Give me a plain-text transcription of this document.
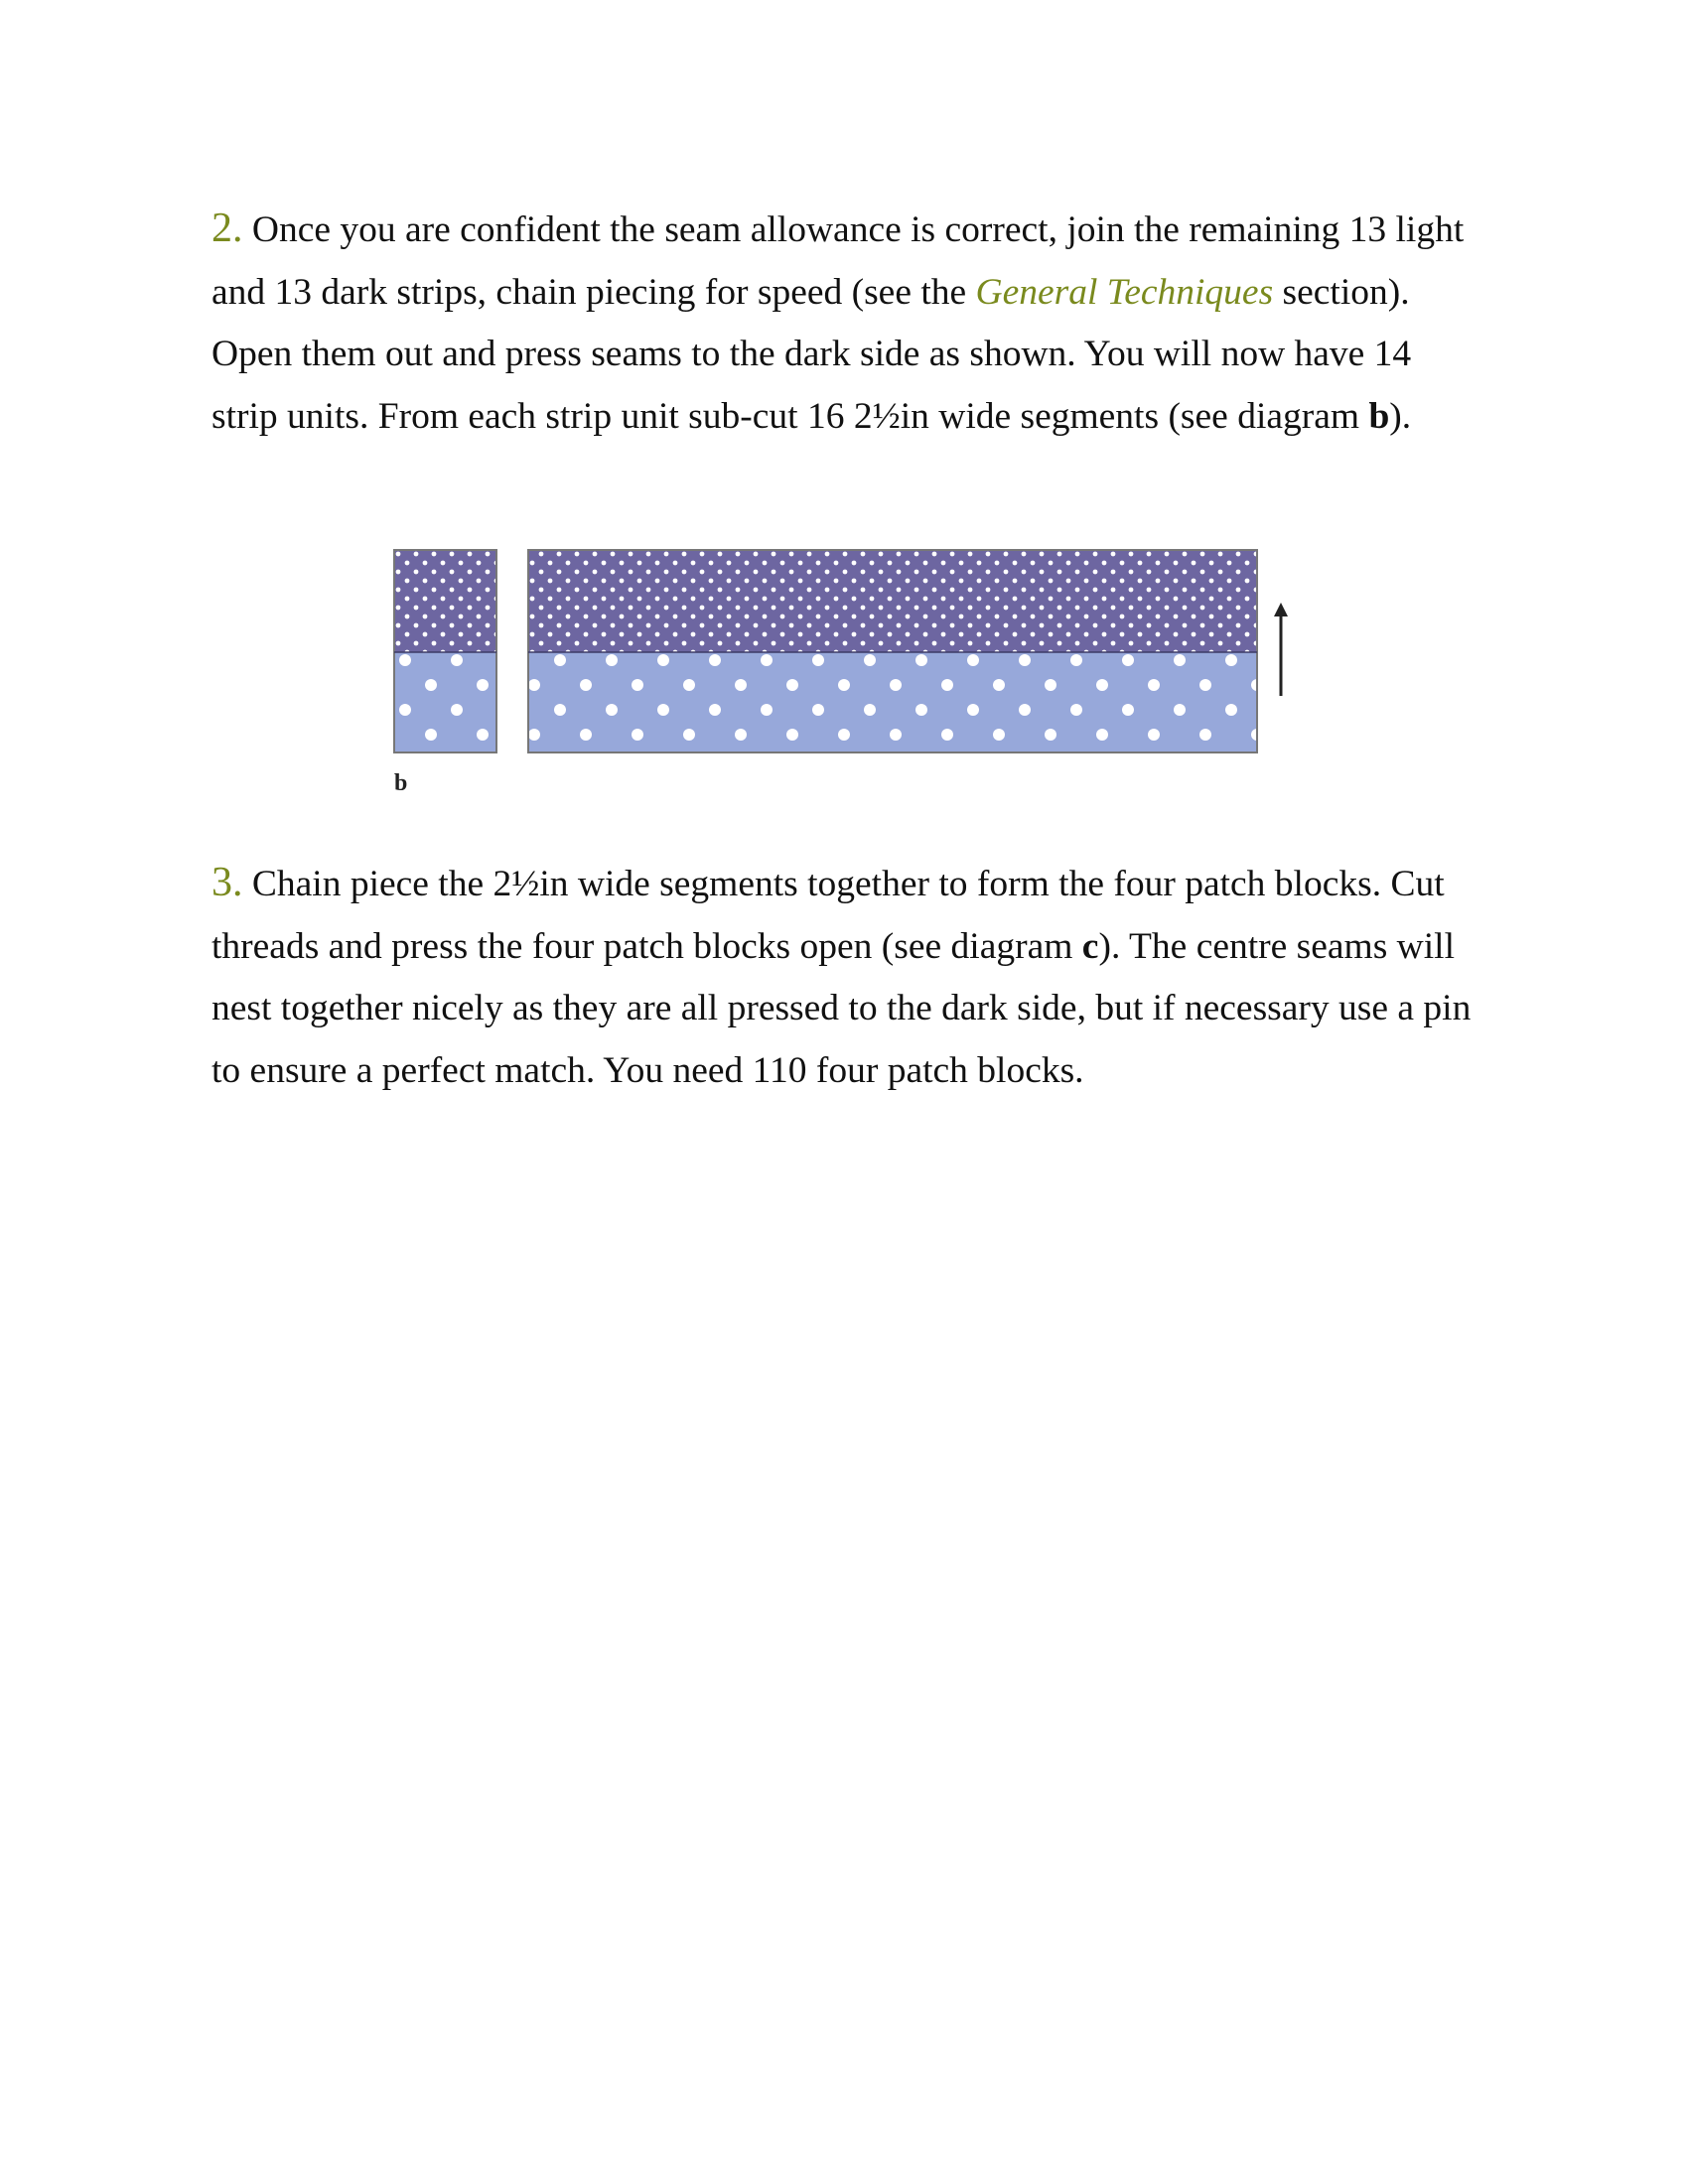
2. Once you are confident the seam allowance is correct, join the remaining 13 light and 13 dark strips, chain piecing for speed (see the General Techniques section). Open them out and press seams to the dark side as shown. You will now have 14 strip units. From each strip unit sub-cut 16 2½in wide segments (see diagram b).

b

3. Chain piece the 2½in wide segments together to form the four patch blocks. Cut threads and press the four patch blocks open (see diagram c). The centre seams will nest together nicely as they are all pressed to the dark side, but if necessary use a pin to ensure a perfect match. You need 110 four patch blocks.
